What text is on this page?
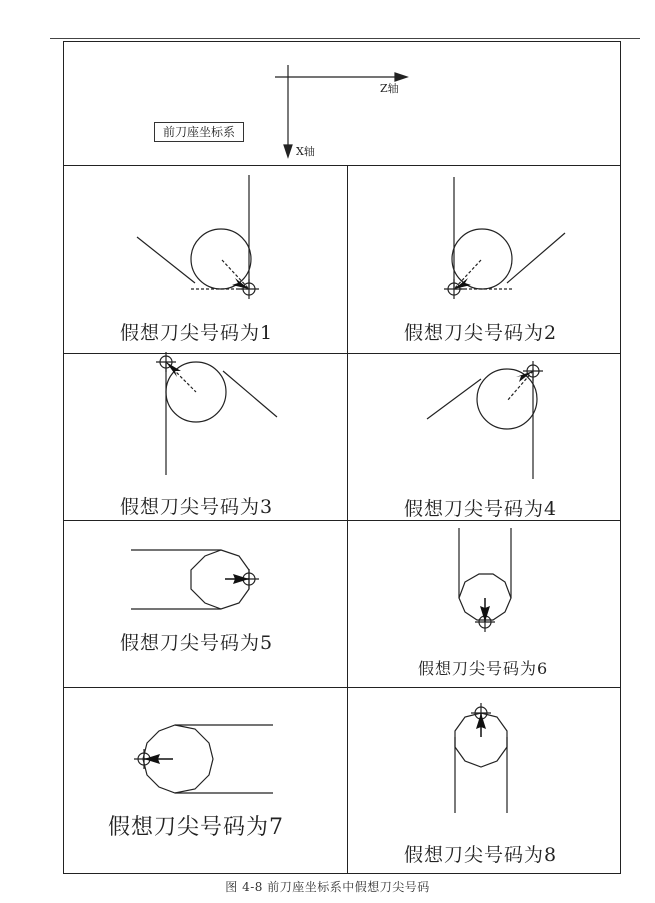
Z轴
X轴
前刀座坐标系
假想刀尖号码为1	假想刀尖号码为2
假想刀尖号码为3	假想刀尖号码为4
假想刀尖号码为5
假想刀尖号码为6
假想刀尖号码为7
假想刀尖号码为8
图 4-8 前刀座坐标系中假想刀尖号码
